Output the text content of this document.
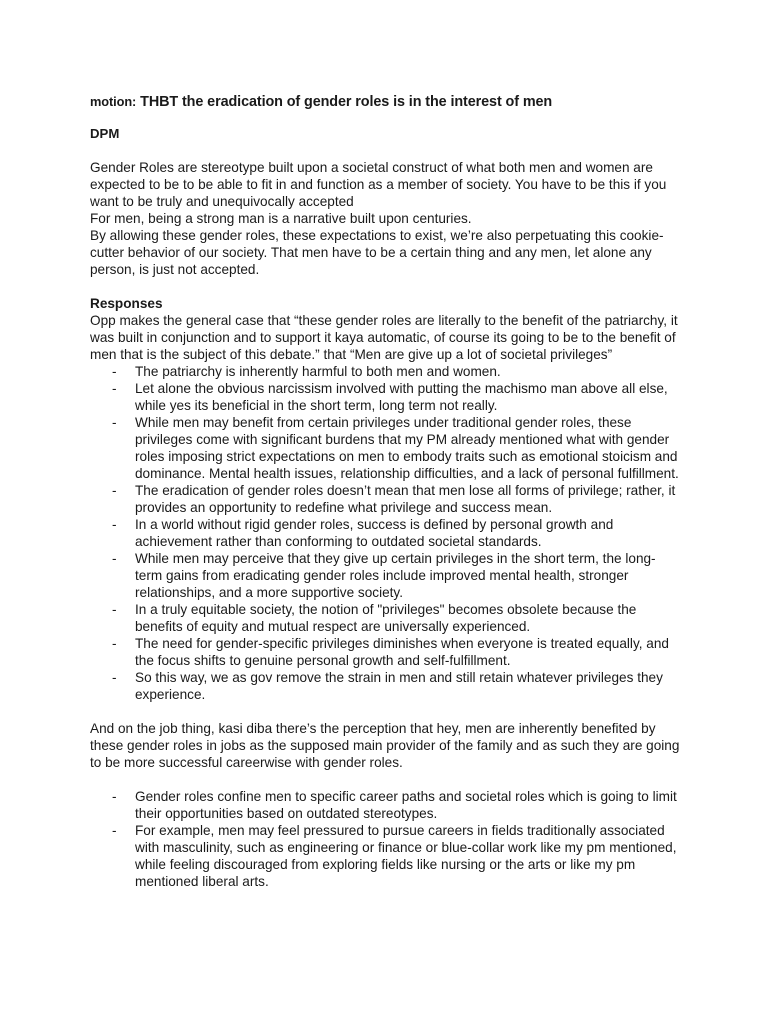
motion: THBT the eradication of gender roles is in the interest of men

DPM

Gender Roles are stereotype built upon a societal construct of what both men and women are expected to be to be able to fit in and function as a member of society. You have to be this if you want to be truly and unequivocally accepted

For men, being a strong man is a narrative built upon centuries.

By allowing these gender roles, these expectations to exist, we’re also perpetuating this cookie-cutter behavior of our society. That men have to be a certain thing and any men, let alone any person, is just not accepted.

Responses

Opp makes the general case that “these gender roles are literally to the benefit of the patriarchy, it was built in conjunction and to support it kaya automatic, of course its going to be to the benefit of men that is the subject of this debate.” that “Men are give up a lot of societal privileges”

- The patriarchy is inherently harmful to both men and women.
- Let alone the obvious narcissism involved with putting the machismo man above all else, while yes its beneficial in the short term, long term not really.
- While men may benefit from certain privileges under traditional gender roles, these privileges come with significant burdens that my PM already mentioned what with gender roles imposing strict expectations on men to embody traits such as emotional stoicism and dominance. Mental health issues, relationship difficulties, and a lack of personal fulfillment.
- The eradication of gender roles doesn’t mean that men lose all forms of privilege; rather, it provides an opportunity to redefine what privilege and success mean.
- In a world without rigid gender roles, success is defined by personal growth and achievement rather than conforming to outdated societal standards.
- While men may perceive that they give up certain privileges in the short term, the long-term gains from eradicating gender roles include improved mental health, stronger relationships, and a more supportive society.
- In a truly equitable society, the notion of "privileges" becomes obsolete because the benefits of equity and mutual respect are universally experienced.
- The need for gender-specific privileges diminishes when everyone is treated equally, and the focus shifts to genuine personal growth and self-fulfillment.
- So this way, we as gov remove the strain in men and still retain whatever privileges they experience.

And on the job thing, kasi diba there’s the perception that hey, men are inherently benefited by these gender roles in jobs as the supposed main provider of the family and as such they are going to be more successful careerwise with gender roles.

- Gender roles confine men to specific career paths and societal roles which is going to limit their opportunities based on outdated stereotypes.
- For example, men may feel pressured to pursue careers in fields traditionally associated with masculinity, such as engineering or finance or blue-collar work like my pm mentioned, while feeling discouraged from exploring fields like nursing or the arts or like my pm mentioned liberal arts.
